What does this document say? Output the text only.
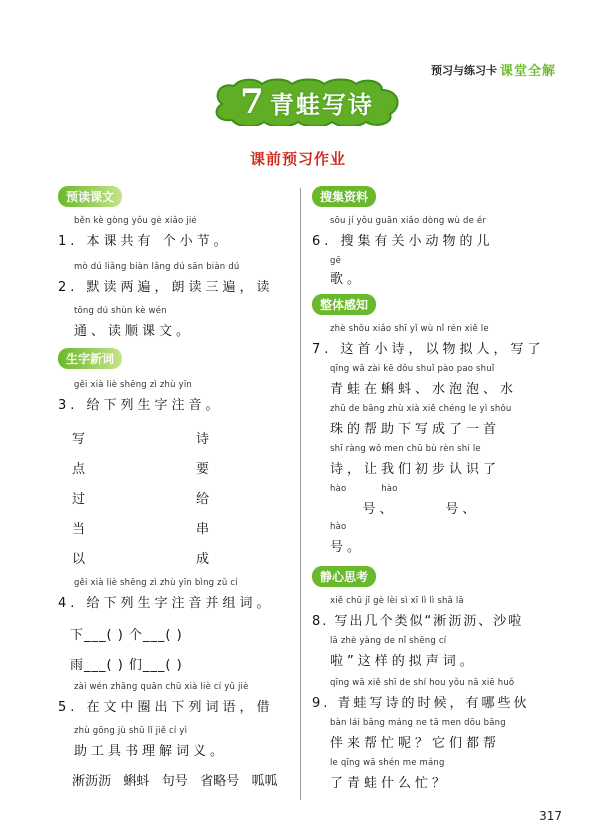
预习与练习卡 课堂全解
7 青蛙写诗
课前预习作业
预读课文
běn kè gòng yǒu gè xiǎo jié
1. 本课共有 个小节。
mò dú liǎng biàn lǎng dú sān biàn dú
2. 默读两遍，朗读三遍，读
tōng dú shùn kè wén
通、读顺课文。
生字新词
gěi xià liè shēng zì zhù yīn
3. 给下列生字注音。
写	诗
点	要
过	给
当	串
以	成
gěi xià liè shēng zì zhù yīn bìng zǔ cí
4. 给下列生字注音并组词。
下___( ) 个___( )
雨___( ) 们___( )
zài wén zhāng quān chū xià liè cí yǔ jiè
5. 在文中圈出下列词语，借
zhù gōng jù shū lǐ jiě cí yì
助工具书理解词义。
淅沥沥   蝌蚪   句号   省略号   呱呱
搜集资料
sōu jí yǒu guān xiǎo dòng wù de ér
6. 搜集有关小动物的儿
gē
歌。
整体感知
zhè shǒu xiǎo shī yǐ wù nǐ rén xiě le
7. 这首小诗，以物拟人，写了
qīng wā zài kē dǒu shuǐ pào pao shuǐ
青蛙在蝌蚪、水泡泡、水
zhū de bāng zhù xià xiě chéng le yì shǒu
珠的帮助下写成了一首
shī ràng wǒ men chū bù rèn shi le
诗，让我们初步认识了
hào            hào
号、      号、
hào
号。
静心思考
xiě chū jǐ gè lèi sì xī lì lì shā lā
8. 写出几个类似“淅沥沥、沙啦
lā zhè yàng de nǐ shēng cí
啦”这样的拟声词。
qīng wā xiě shī de shí hou yǒu nǎ xiē huǒ
9. 青蛙写诗的时候，有哪些伙
bàn lái bāng máng ne tā men dōu bāng
伴来帮忙呢？它们都帮
le qīng wā shén me máng
了青蛙什么忙？
317
